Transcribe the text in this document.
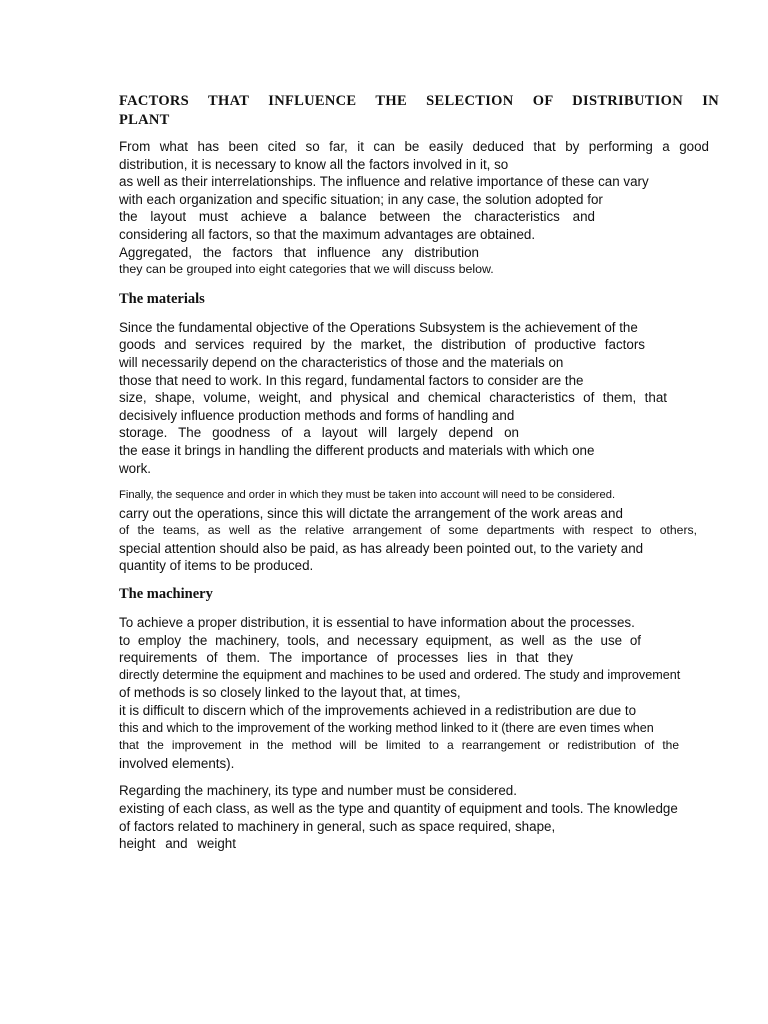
FACTORS THAT INFLUENCE THE SELECTION OF DISTRIBUTION IN
PLANT
From what has been cited so far, it can be easily deduced that by performing a good
distribution, it is necessary to know all the factors involved in it, so
as well as their interrelationships. The influence and relative importance of these can vary
with each organization and specific situation; in any case, the solution adopted for
the layout must achieve a balance between the characteristics and
considering all factors, so that the maximum advantages are obtained.
Aggregated, the factors that influence any distribution
they can be grouped into eight categories that we will discuss below.
The materials
Since the fundamental objective of the Operations Subsystem is the achievement of the
goods and services required by the market, the distribution of productive factors
will necessarily depend on the characteristics of those and the materials on
those that need to work. In this regard, fundamental factors to consider are the
size, shape, volume, weight, and physical and chemical characteristics of them, that
decisively influence production methods and forms of handling and
storage. The goodness of a layout will largely depend on
the ease it brings in handling the different products and materials with which one
work.
Finally, the sequence and order in which they must be taken into account will need to be considered.
carry out the operations, since this will dictate the arrangement of the work areas and
of the teams, as well as the relative arrangement of some departments with respect to others,
special attention should also be paid, as has already been pointed out, to the variety and
quantity of items to be produced.
The machinery
To achieve a proper distribution, it is essential to have information about the processes.
to employ the machinery, tools, and necessary equipment, as well as the use of
requirements of them. The importance of processes lies in that they
directly determine the equipment and machines to be used and ordered. The study and improvement
of methods is so closely linked to the layout that, at times,
it is difficult to discern which of the improvements achieved in a redistribution are due to
this and which to the improvement of the working method linked to it (there are even times when
that the improvement in the method will be limited to a rearrangement or redistribution of the
involved elements).
Regarding the machinery, its type and number must be considered.
existing of each class, as well as the type and quantity of equipment and tools. The knowledge
of factors related to machinery in general, such as space required, shape,
height and weight
